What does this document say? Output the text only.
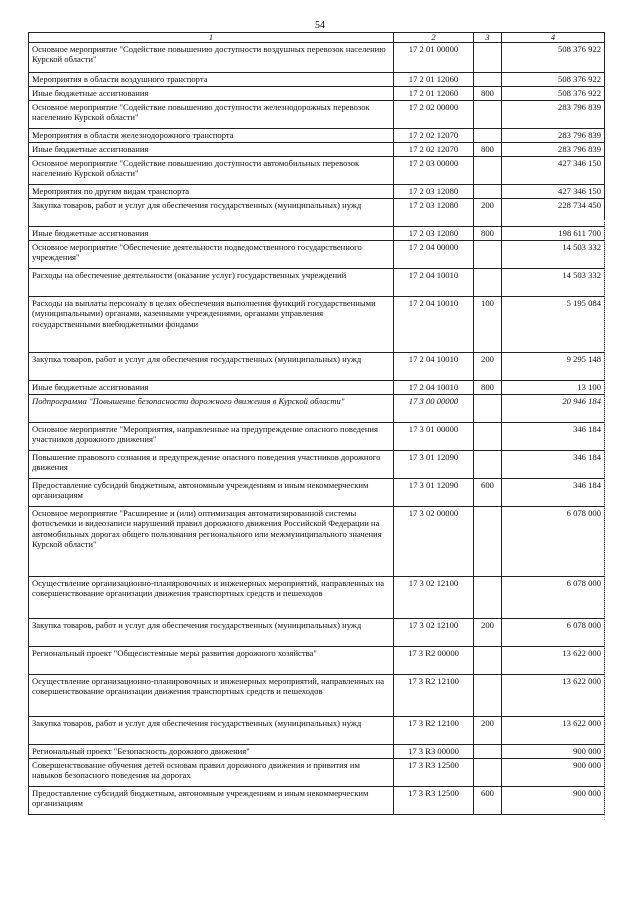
54
1	2	3	4
Основное мероприятие "Содействие повышению доступности воздушных перевозок населению Курской области"	17 2 01 00000		508 376 922
Мероприятия в области воздушного транспорта	17 2 01 12060		508 376 922
Иные бюджетные ассигнования	17 2 01 12060	800	508 376 922
Основное мероприятие "Содействие повышению доступности железнодорожных перевозок населению Курской области"	17 2 02 00000		283 796 839
Мероприятия в области железнодорожного транспорта	17 2 02 12070		283 796 839
Иные бюджетные ассигнования	17 2 02 12070	800	283 796 839
Основное мероприятие "Содействие повышению доступности автомобильных перевозок населению Курской области"	17 2 03 00000		427 346 150
Мероприятия по другим видам транспорта	17 2 03 12080		427 346 150
Закупка товаров, работ и услуг для обеспечения государственных (муниципальных) нужд	17 2 03 12080	200	228 734 450
Иные бюджетные ассигнования	17 2 03 12080	800	198 611 700
Основное мероприятие "Обеспечение деятельности подведомственного государственного учреждения"	17 2 04 00000		14 503 332
Расходы на обеспечение деятельности (оказание услуг) государственных учреждений	17 2 04 10010		14 503 332
Расходы на выплаты персоналу в целях обеспечения выполнения функций государственными (муниципальными) органами, казенными учреждениями, органами управления государственными внебюджетными фондами	17 2 04 10010	100	5 195 084
Закупка товаров, работ и услуг для обеспечения государственных (муниципальных) нужд	17 2 04 10010	200	9 295 148
Иные бюджетные ассигнования	17 2 04 10010	800	13 100
Подпрограмма "Повышение безопасности дорожного движения в Курской области"	17 3 00 00000		20 946 184
Основное мероприятие "Мероприятия, направленные на предупреждение опасного поведения участников дорожного движения"	17 3 01 00000		346 184
Повышение правового сознания и предупреждение опасного поведения участников дорожного движения	17 3 01 12090		346 184
Предоставление субсидий бюджетным, автономным учреждениям и иным некоммерческим организациям	17 3 01 12090	600	346 184
Основное мероприятие "Расширение и (или) оптимизация автоматизированной системы фотосъемки и видеозаписи нарушений правил дорожного движения Российской Федерации на автомобильных дорогах общего пользования регионального или межмуниципального значения Курской области"	17 3 02 00000		6 078 000
Осуществление организационно-планировочных и инженерных мероприятий, направленных на совершенствование организации движения транспортных средств и пешеходов	17 3 02 12100		6 078 000
Закупка товаров, работ и услуг для обеспечения государственных (муниципальных) нужд	17 3 02 12100	200	6 078 000
Региональный проект "Общесистемные меры развития дорожного хозяйства"	17 3 R2 00000		13 622 000
Осуществление организационно-планировочных и инженерных мероприятий, направленных на совершенствование организации движения транспортных средств и пешеходов	17 3 R2 12100		13 622 000
Закупка товаров, работ и услуг для обеспечения государственных (муниципальных) нужд	17 3 R2 12100	200	13 622 000
Региональный проект "Безопасность дорожного движения"	17 3 R3 00000		900 000
Совершенствование обучения детей основам правил дорожного движения и привития им навыков безопасного поведения на дорогах	17 3 R3 12500		900 000
Предоставление субсидий бюджетным, автономным учреждениям и иным некоммерческим организациям	17 3 R3 12500	600	900 000
